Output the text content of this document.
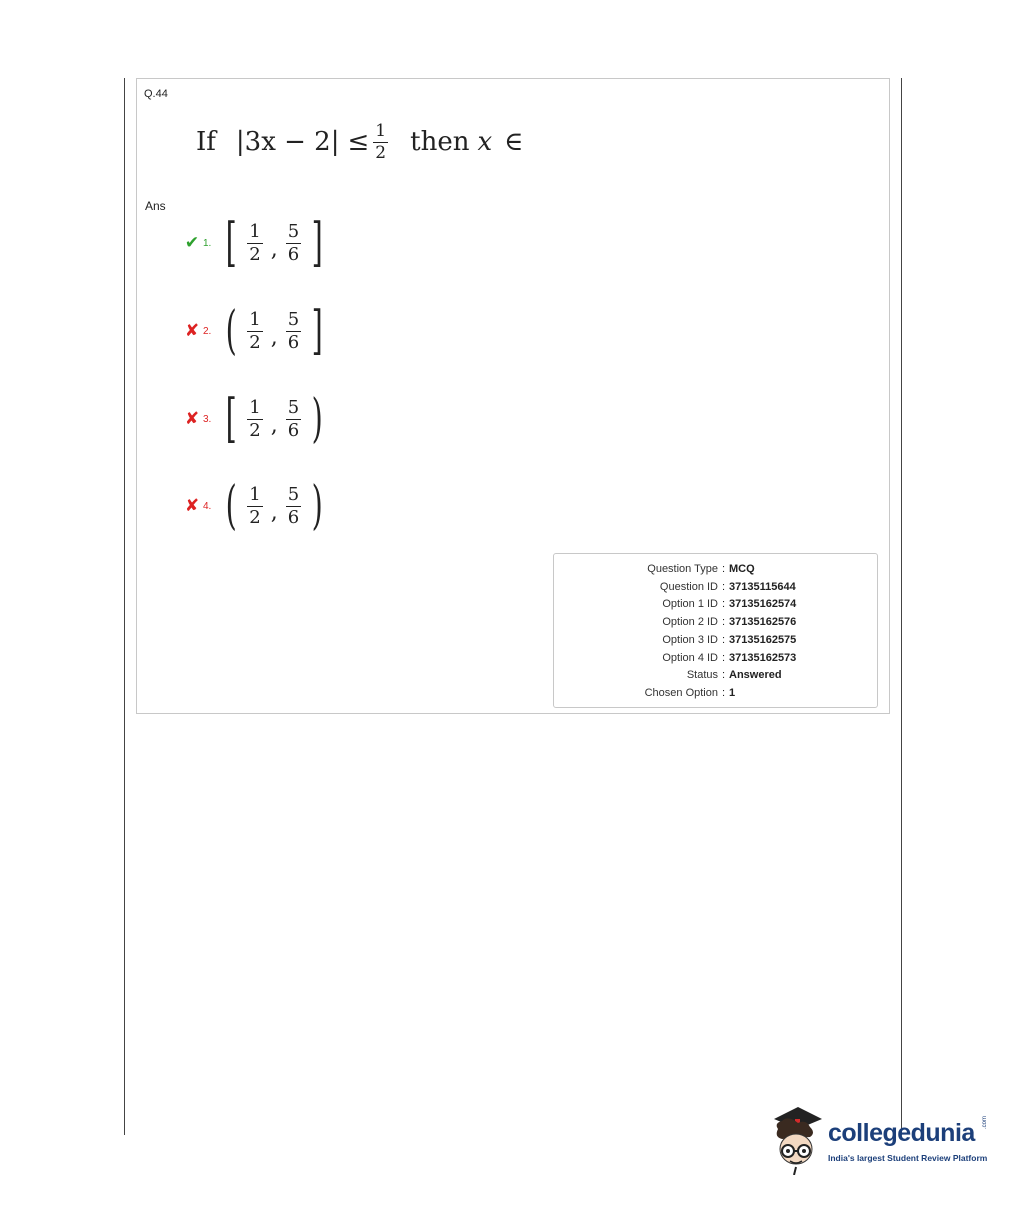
Q.44
If $|3x - 2| \le \frac{1}{2}$ then x ∈
Ans
✔ 1. [ $\frac{1}{2}$ , $\frac{5}{6}$ ]
✘ 2. ( $\frac{1}{2}$ , $\frac{5}{6}$ ]
✘ 3. [ $\frac{1}{2}$ , $\frac{5}{6}$ )
✘ 4. ( $\frac{1}{2}$ , $\frac{5}{6}$ )
Question Type : MCQ
Question ID : 37135115644
Option 1 ID : 37135162574
Option 2 ID : 37135162576
Option 3 ID : 37135162575
Option 4 ID : 37135162573
Status : Answered
Chosen Option : 1
collegedunia .com
India's largest Student Review Platform
